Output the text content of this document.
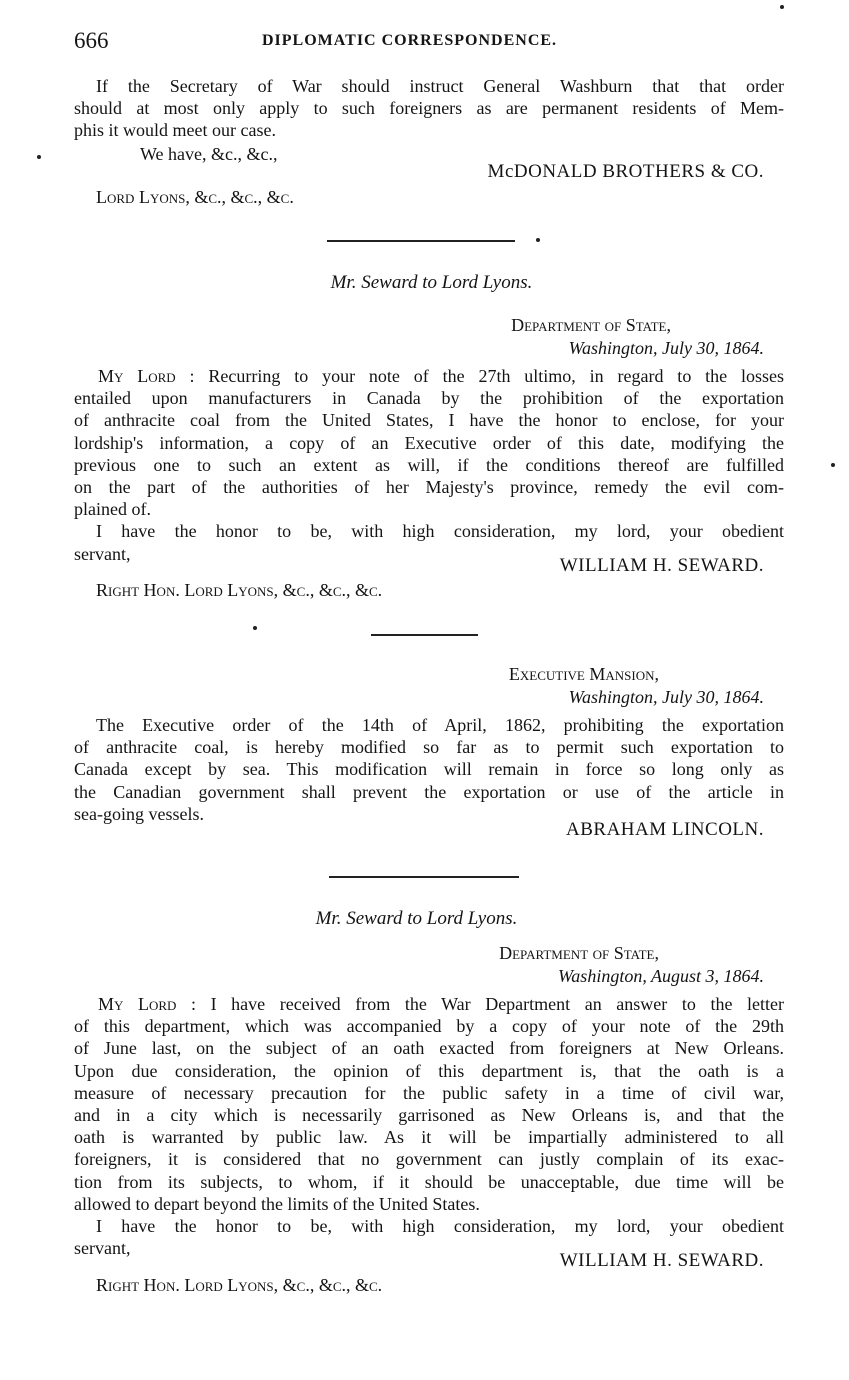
666	DIPLOMATIC CORRESPONDENCE.
If the Secretary of War should instruct General Washburn that that order
should at most only apply to such foreigners as are permanent residents of Mem-
phis it would meet our case.
We have, &c., &c.,
McDONALD BROTHERS & CO.
Lord Lyons, &c., &c., &c.
Mr. Seward to Lord Lyons.
Department of State,
Washington, July 30, 1864.
My Lord : Recurring to your note of the 27th ultimo, in regard to the losses
entailed upon manufacturers in Canada by the prohibition of the exportation
of anthracite coal from the United States, I have the honor to enclose, for your
lordship's information, a copy of an Executive order of this date, modifying the
previous one to such an extent as will, if the conditions thereof are fulfilled
on the part of the authorities of her Majesty's province, remedy the evil com-
plained of.
I have the honor to be, with high consideration, my lord, your obedient
servant,
WILLIAM H. SEWARD.
Right Hon. Lord Lyons, &c., &c., &c.
Executive Mansion,
Washington, July 30, 1864.
The Executive order of the 14th of April, 1862, prohibiting the exportation
of anthracite coal, is hereby modified so far as to permit such exportation to
Canada except by sea. This modification will remain in force so long only as
the Canadian government shall prevent the exportation or use of the article in
sea-going vessels.
ABRAHAM LINCOLN.
Mr. Seward to Lord Lyons.
Department of State,
Washington, August 3, 1864.
My Lord : I have received from the War Department an answer to the letter
of this department, which was accompanied by a copy of your note of the 29th
of June last, on the subject of an oath exacted from foreigners at New Orleans.
Upon due consideration, the opinion of this department is, that the oath is a
measure of necessary precaution for the public safety in a time of civil war,
and in a city which is necessarily garrisoned as New Orleans is, and that the
oath is warranted by public law. As it will be impartially administered to all
foreigners, it is considered that no government can justly complain of its exac-
tion from its subjects, to whom, if it should be unacceptable, due time will be
allowed to depart beyond the limits of the United States.
I have the honor to be, with high consideration, my lord, your obedient
servant,
WILLIAM H. SEWARD.
Right Hon. Lord Lyons, &c., &c., &c.
